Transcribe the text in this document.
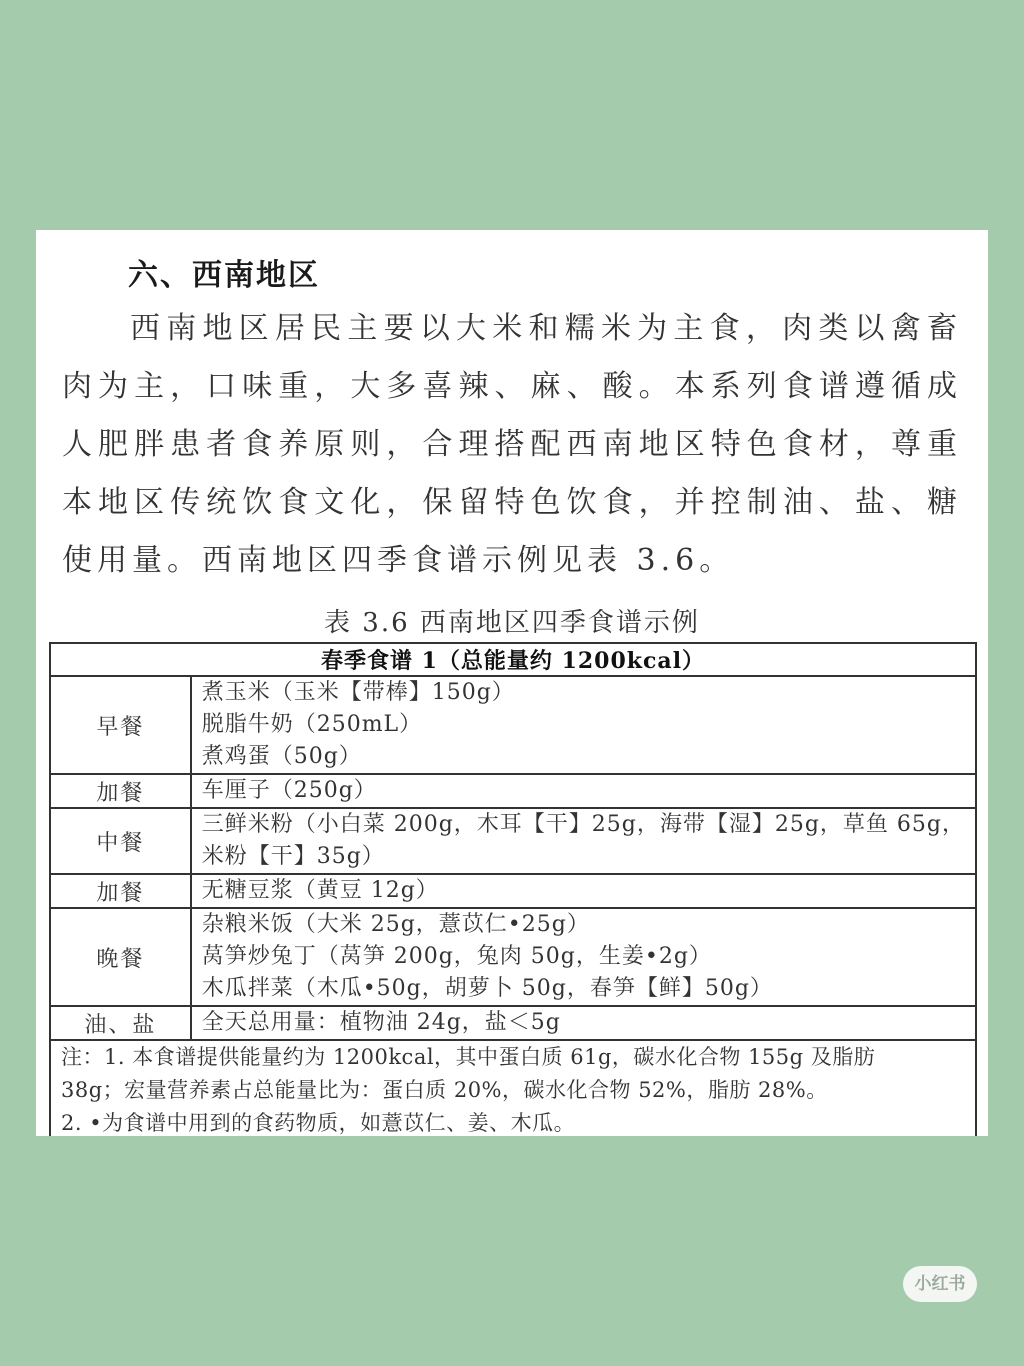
六、西南地区
西南地区居民主要以大米和糯米为主食，肉类以禽畜肉为主，口味重，大多喜辣、麻、酸。本系列食谱遵循成人肥胖患者食养原则，合理搭配西南地区特色食材，尊重本地区传统饮食文化，保留特色饮食，并控制油、盐、糖使用量。西南地区四季食谱示例见表 3.6。
表 3.6 西南地区四季食谱示例
春季食谱 1（总能量约 1200kcal）	
早餐	煮玉米（玉米【带棒】150g）
脱脂牛奶（250mL）
煮鸡蛋（50g）

加餐	车厘子（250g）

中餐	三鲜米粉（小白菜 200g，木耳【干】25g，海带【湿】25g，草鱼 65g，
米粉【干】35g）

加餐	无糖豆浆（黄豆 12g）

晚餐	杂粮米饭（大米 25g，薏苡仁•25g）
莴笋炒兔丁（莴笋 200g，兔肉 50g，生姜•2g）
木瓜拌菜（木瓜•50g，胡萝卜 50g，春笋【鲜】50g）

油、盐	全天总用量：植物油 24g，盐＜5g

注：1. 本食谱提供能量约为 1200kcal，其中蛋白质 61g，碳水化合物 155g 及脂肪
38g；宏量营养素占总能量比为：蛋白质 20%，碳水化合物 52%，脂肪 28%。
2. •为食谱中用到的食药物质，如薏苡仁、姜、木瓜。	
小红书
